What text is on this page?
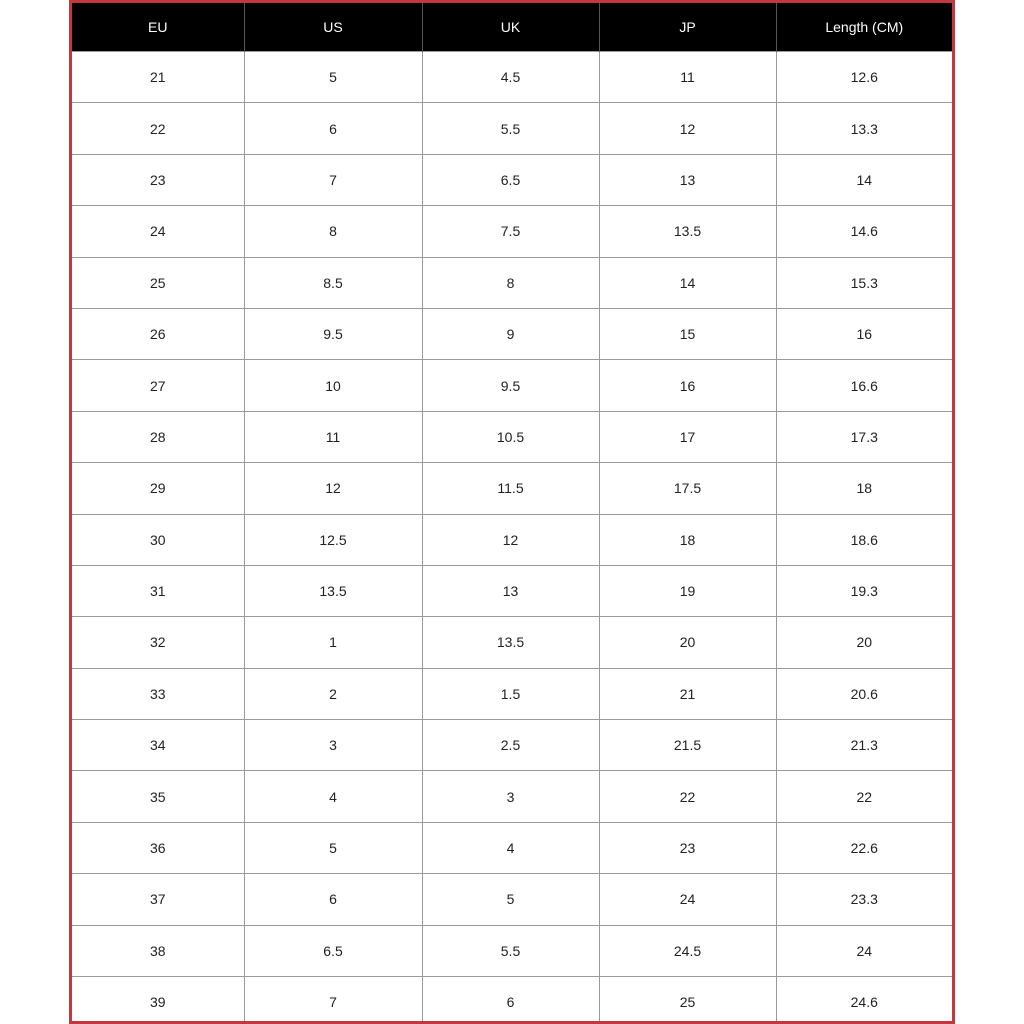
EU	US	UK	JP	Length (CM)
21	5	4.5	11	12.6
22	6	5.5	12	13.3
23	7	6.5	13	14
24	8	7.5	13.5	14.6
25	8.5	8	14	15.3
26	9.5	9	15	16
27	10	9.5	16	16.6
28	11	10.5	17	17.3
29	12	11.5	17.5	18
30	12.5	12	18	18.6
31	13.5	13	19	19.3
32	1	13.5	20	20
33	2	1.5	21	20.6
34	3	2.5	21.5	21.3
35	4	3	22	22
36	5	4	23	22.6
37	6	5	24	23.3
38	6.5	5.5	24.5	24
39	7	6	25	24.6
